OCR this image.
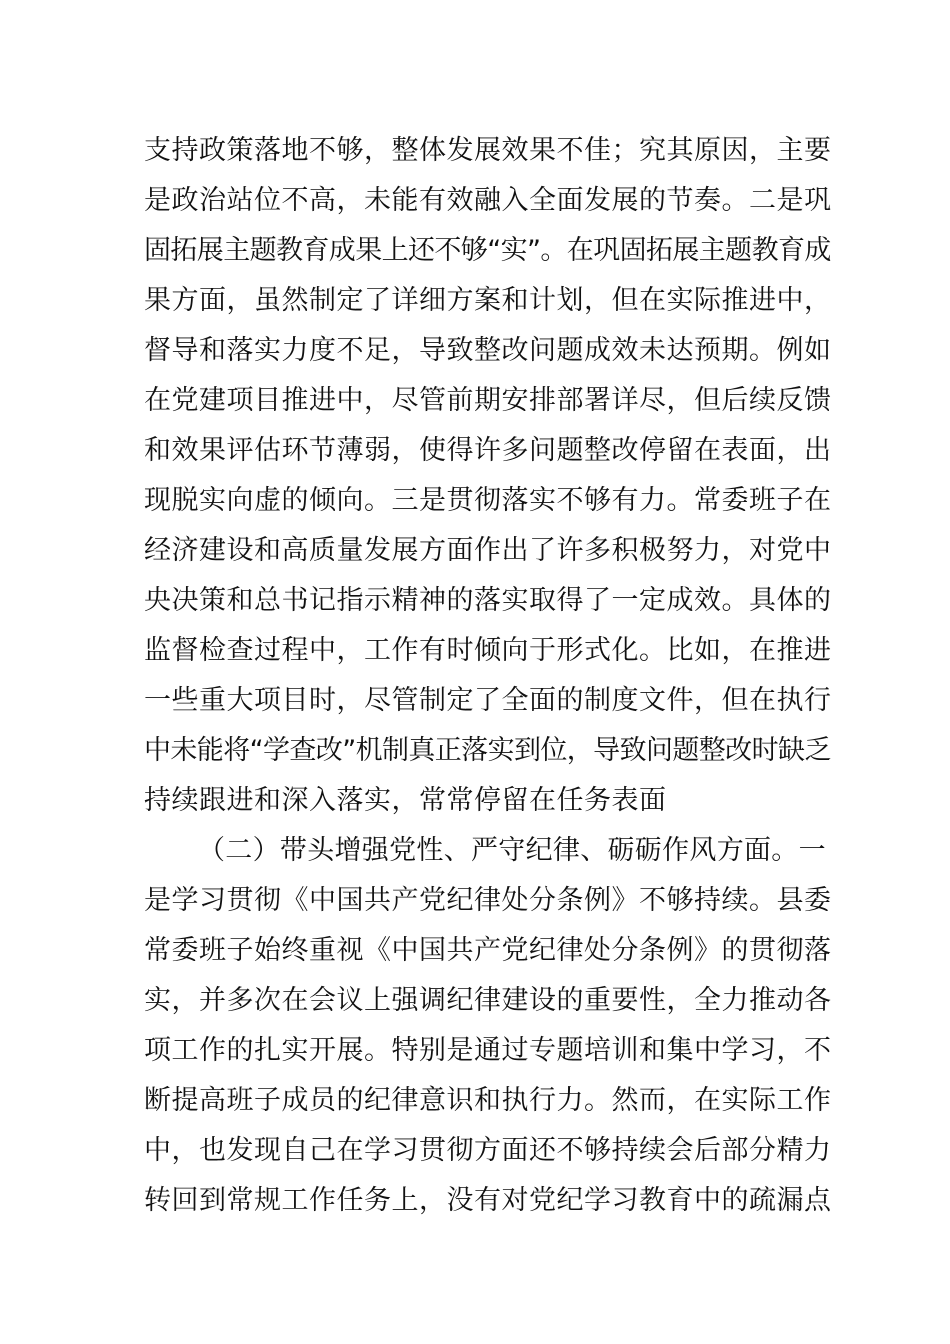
支持政策落地不够，整体发展效果不佳；究其原因，主要
是政治站位不高，未能有效融入全面发展的节奏。二是巩
固拓展主题教育成果上还不够“实”。在巩固拓展主题教育成
果方面，虽然制定了详细方案和计划，但在实际推进中，
督导和落实力度不足，导致整改问题成效未达预期。例如
在党建项目推进中，尽管前期安排部署详尽，但后续反馈
和效果评估环节薄弱，使得许多问题整改停留在表面，出
现脱实向虚的倾向。三是贯彻落实不够有力。常委班子在
经济建设和高质量发展方面作出了许多积极努力，对党中
央决策和总书记指示精神的落实取得了一定成效。具体的
监督检查过程中，工作有时倾向于形式化。比如，在推进
一些重大项目时，尽管制定了全面的制度文件，但在执行
中未能将“学查改”机制真正落实到位，导致问题整改时缺乏
持续跟进和深入落实，常常停留在任务表面
（二）带头增强党性、严守纪律、砺砺作风方面。一
是学习贯彻《中国共产党纪律处分条例》不够持续。县委
常委班子始终重视《中国共产党纪律处分条例》的贯彻落
实，并多次在会议上强调纪律建设的重要性，全力推动各
项工作的扎实开展。特别是通过专题培训和集中学习，不
断提高班子成员的纪律意识和执行力。然而，在实际工作
中，也发现自己在学习贯彻方面还不够持续会后部分精力
转回到常规工作任务上，没有对党纪学习教育中的疏漏点
